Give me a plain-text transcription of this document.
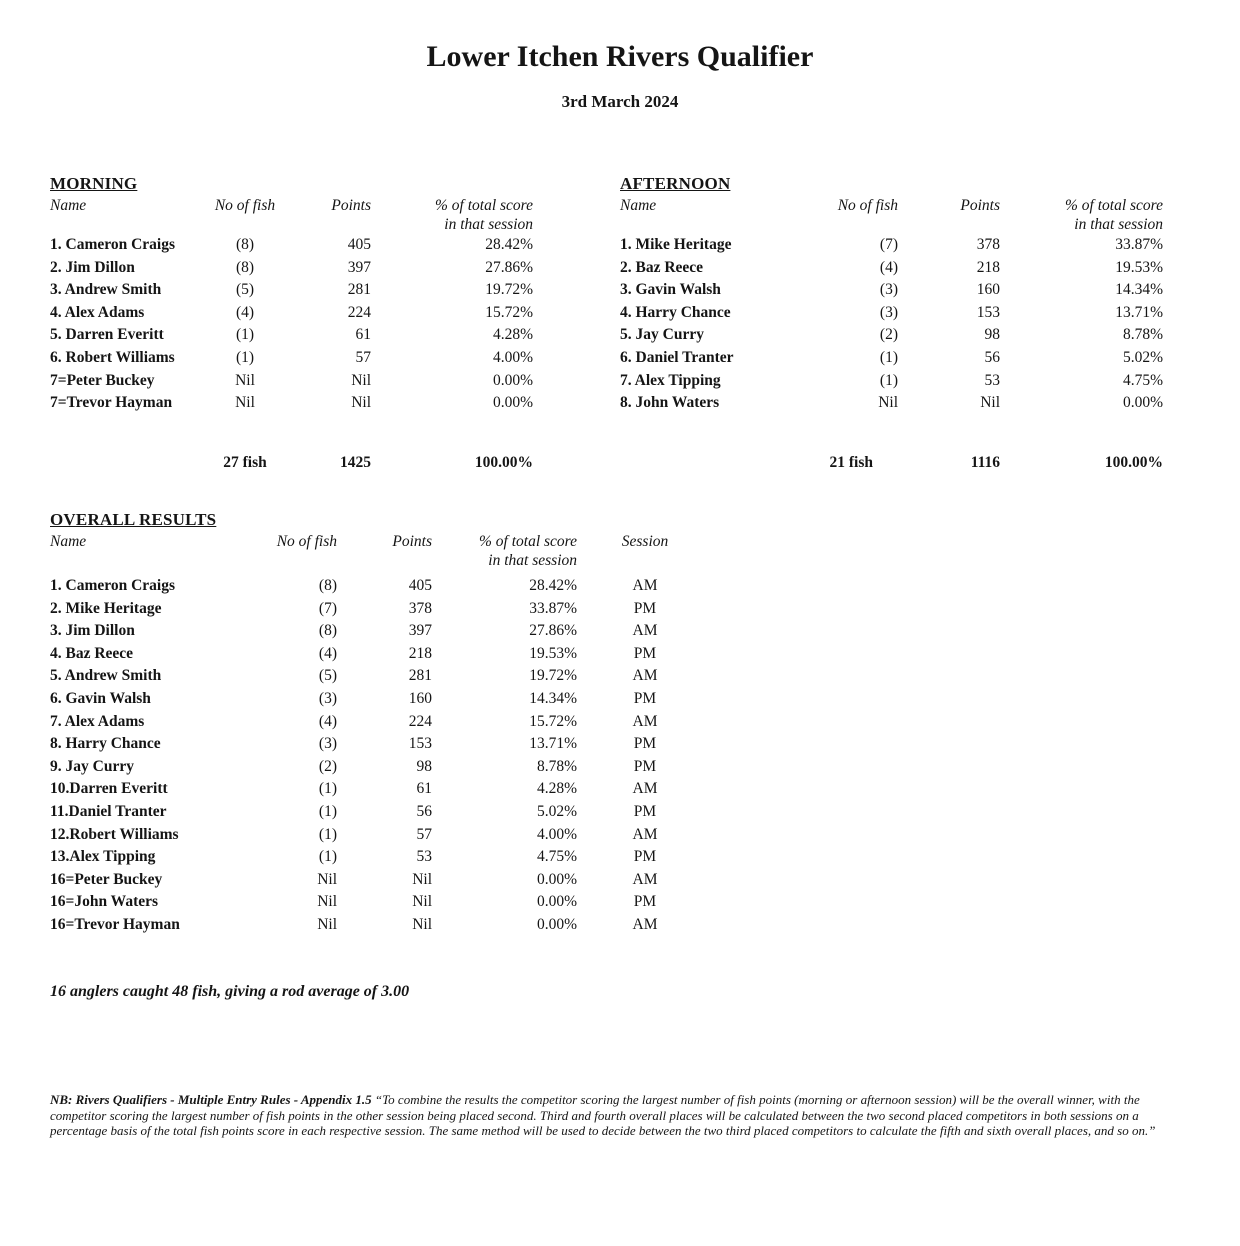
Lower Itchen Rivers Qualifier
3rd March 2024
MORNING
Name	No of fish	Points	% of total score
in that session

1. Cameron Craigs	(8)	405	28.42%
2. Jim Dillon	(8)	397	27.86%
3. Andrew Smith	(5)	281	19.72%
4. Alex Adams	(4)	224	15.72%
5. Darren Everitt	(1)	61	4.28%
6. Robert Williams	(1)	57	4.00%
7=Peter Buckey	Nil	Nil	0.00%
7=Trevor Hayman	Nil	Nil	0.00%
	27 fish	1425	100.00%
AFTERNOON
Name	No of fish	Points	% of total score
in that session

1. Mike Heritage	(7)	378	33.87%
2. Baz Reece	(4)	218	19.53%
3. Gavin Walsh	(3)	160	14.34%
4. Harry Chance	(3)	153	13.71%
5. Jay Curry	(2)	98	8.78%
6. Daniel Tranter	(1)	56	5.02%
7. Alex Tipping	(1)	53	4.75%
8. John Waters	Nil	Nil	0.00%
	21 fish	1116	100.00%
OVERALL RESULTS
Name	No of fish	Points	% of total score
in that session	Session
1. Cameron Craigs	(8)	405	28.42%	AM
2. Mike Heritage	(7)	378	33.87%	PM
3. Jim Dillon	(8)	397	27.86%	AM
4. Baz Reece	(4)	218	19.53%	PM
5. Andrew Smith	(5)	281	19.72%	AM
6. Gavin Walsh	(3)	160	14.34%	PM
7. Alex Adams	(4)	224	15.72%	AM
8. Harry Chance	(3)	153	13.71%	PM
9. Jay Curry	(2)	98	8.78%	PM
10.Darren Everitt	(1)	61	4.28%	AM
11.Daniel Tranter	(1)	56	5.02%	PM
12.Robert Williams	(1)	57	4.00%	AM
13.Alex Tipping	(1)	53	4.75%	PM
16=Peter Buckey	Nil	Nil	0.00%	AM
16=John Waters	Nil	Nil	0.00%	PM
16=Trevor Hayman	Nil	Nil	0.00%	AM
16 anglers caught 48 fish, giving a rod average of 3.00
NB: Rivers Qualifiers - Multiple Entry Rules - Appendix 1.5 “To combine the results the competitor scoring the largest number of fish points (morning or afternoon session) will be the overall winner, with the competitor scoring the largest number of fish points in the other session being placed second. Third and fourth overall places will be calculated between the two second placed competitors in both sessions on a percentage basis of the total fish points score in each respective session. The same method will be used to decide between the two third placed competitors to calculate the fifth and sixth overall places, and so on.”
